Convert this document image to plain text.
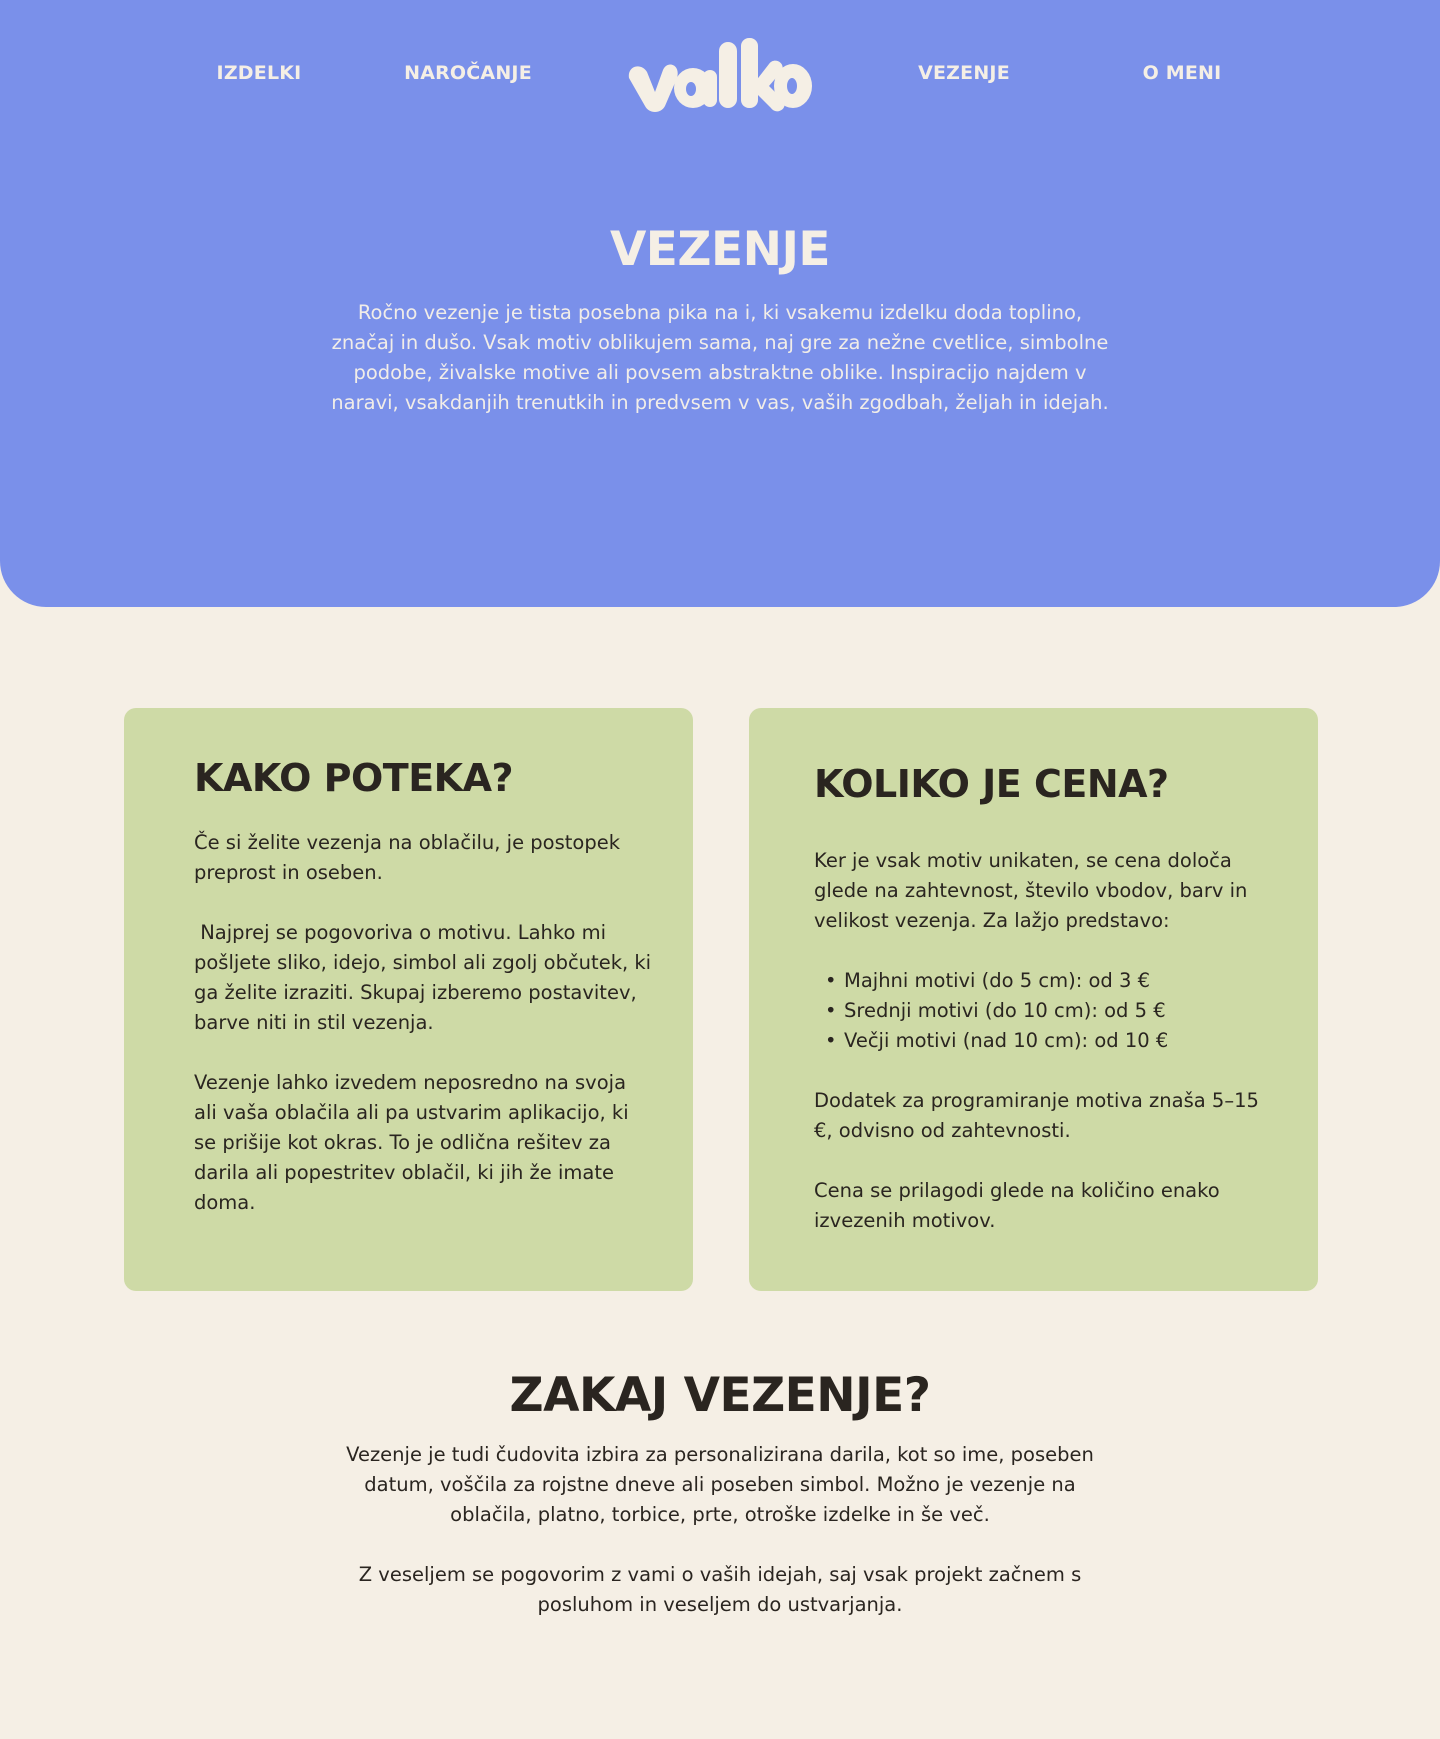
IZDELKI	NAROČANJE	VEZENJE	O MENI
VEZENJE

Ročno vezenje je tista posebna pika na i, ki vsakemu izdelku doda toplino, značaj in dušo. Vsak motiv oblikujem sama, naj gre za nežne cvetlice, simbolne podobe, živalske motive ali povsem abstraktne oblike. Inspiracijo najdem v naravi, vsakdanjih trenutkih in predvsem v vas, vaših zgodbah, željah in idejah.

KAKO POTEKA?

Če si želite vezenja na oblačilu, je postopek preprost in oseben.

Najprej se pogovoriva o motivu. Lahko mi pošljete sliko, idejo, simbol ali zgolj občutek, ki ga želite izraziti. Skupaj izberemo postavitev, barve niti in stil vezenja.

Vezenje lahko izvedem neposredno na svoja ali vaša oblačila ali pa ustvarim aplikacijo, ki se prišije kot okras. To je odlična rešitev za darila ali popestritev oblačil, ki jih že imate doma.

KOLIKO JE CENA?

Ker je vsak motiv unikaten, se cena določa glede na zahtevnost, število vbodov, barv in velikost vezenja. Za lažjo predstavo:

• Majhni motivi (do 5 cm): od 3 €
• Srednji motivi (do 10 cm): od 5 €
• Večji motivi (nad 10 cm): od 10 €

Dodatek za programiranje motiva znaša 5–15 €, odvisno od zahtevnosti.

Cena se prilagodi glede na količino enako izvezenih motivov.

ZAKAJ VEZENJE?

Vezenje je tudi čudovita izbira za personalizirana darila, kot so ime, poseben datum, voščila za rojstne dneve ali poseben simbol. Možno je vezenje na oblačila, platno, torbice, prte, otroške izdelke in še več.

Z veseljem se pogovorim z vami o vaših idejah, saj vsak projekt začnem s posluhom in veseljem do ustvarjanja.
